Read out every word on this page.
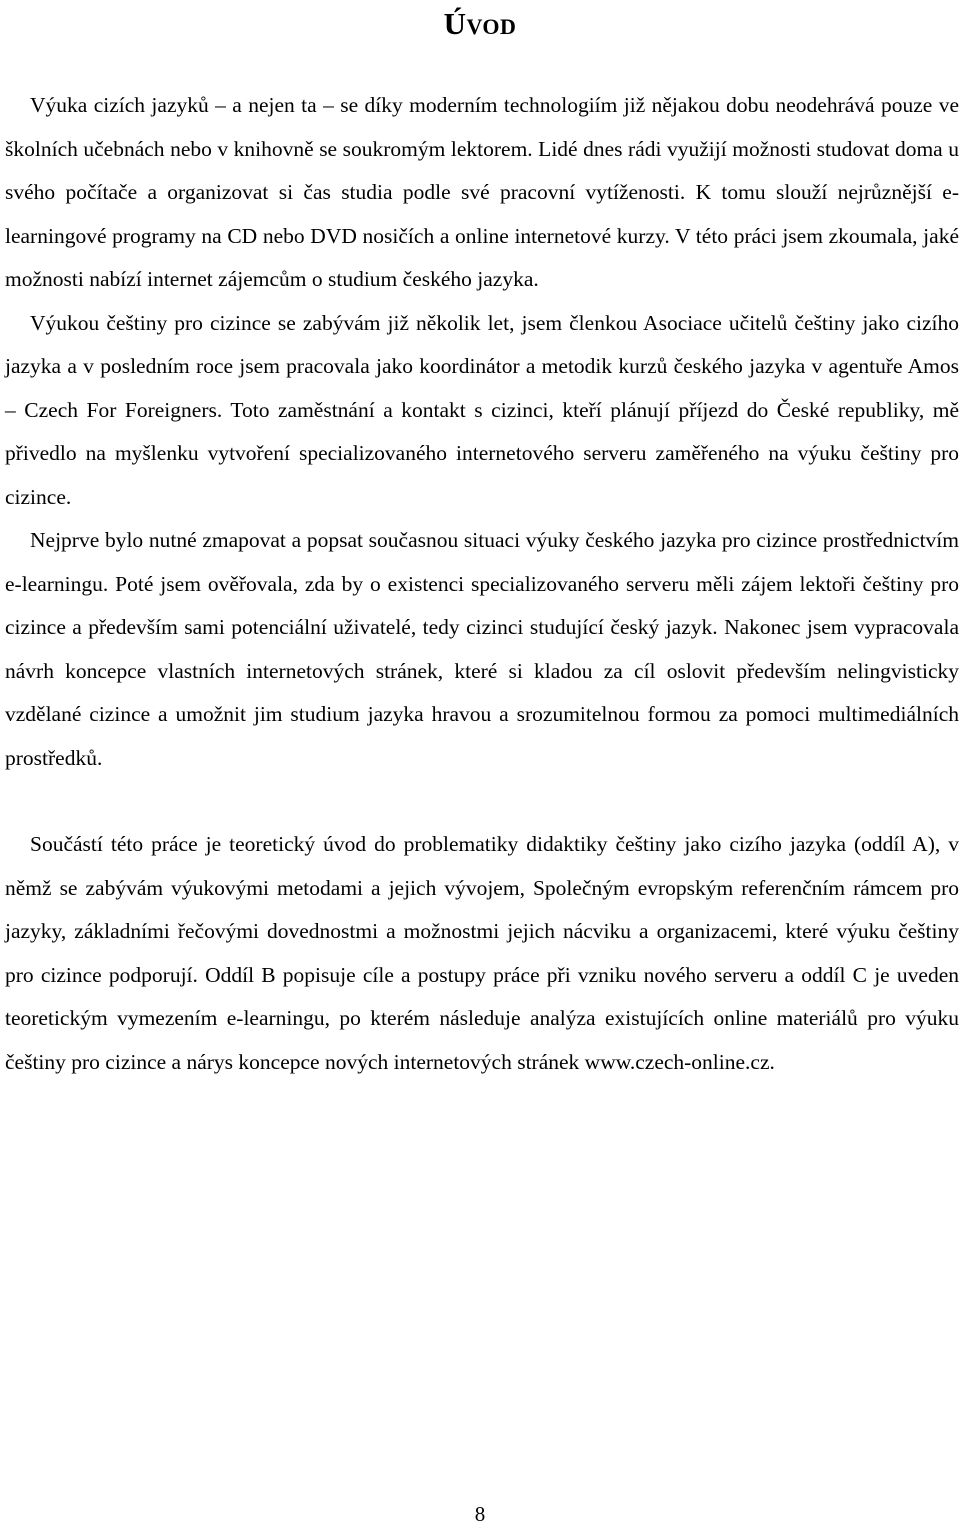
Úvod

Výuka cizích jazyků – a nejen ta – se díky moderním technologiím již nějakou dobu neodehrává pouze ve školních učebnách nebo v knihovně se soukromým lektorem. Lidé dnes rádi využijí možnosti studovat doma u svého počítače a organizovat si čas studia podle své pracovní vytíženosti. K tomu slouží nejrůznější e-learningové programy na CD nebo DVD nosičích a online internetové kurzy. V této práci jsem zkoumala, jaké možnosti nabízí internet zájemcům o studium českého jazyka.

Výukou češtiny pro cizince se zabývám již několik let, jsem členkou Asociace učitelů češtiny jako cizího jazyka a v posledním roce jsem pracovala jako koordinátor a metodik kurzů českého jazyka v agentuře Amos – Czech For Foreigners. Toto zaměstnání a kontakt s cizinci, kteří plánují příjezd do České republiky, mě přivedlo na myšlenku vytvoření specializovaného internetového serveru zaměřeného na výuku češtiny pro cizince.

Nejprve bylo nutné zmapovat a popsat současnou situaci výuky českého jazyka pro cizince prostřednictvím e-learningu. Poté jsem ověřovala, zda by o existenci specializovaného serveru měli zájem lektoři češtiny pro cizince a především sami potenciální uživatelé, tedy cizinci studující český jazyk. Nakonec jsem vypracovala návrh koncepce vlastních internetových stránek, které si kladou za cíl oslovit především nelingvisticky vzdělané cizince a umožnit jim studium jazyka hravou a srozumitelnou formou za pomoci multimediálních prostředků.

Součástí této práce je teoretický úvod do problematiky didaktiky češtiny jako cizího jazyka (oddíl A), v němž se zabývám výukovými metodami a jejich vývojem, Společným evropským referenčním rámcem pro jazyky, základními řečovými dovednostmi a možnostmi jejich nácviku a organizacemi, které výuku češtiny pro cizince podporují. Oddíl B popisuje cíle a postupy práce při vzniku nového serveru a oddíl C je uveden teoretickým vymezením e-learningu, po kterém následuje analýza existujících online materiálů pro výuku češtiny pro cizince a nárys koncepce nových internetových stránek www.czech-online.cz.

8
